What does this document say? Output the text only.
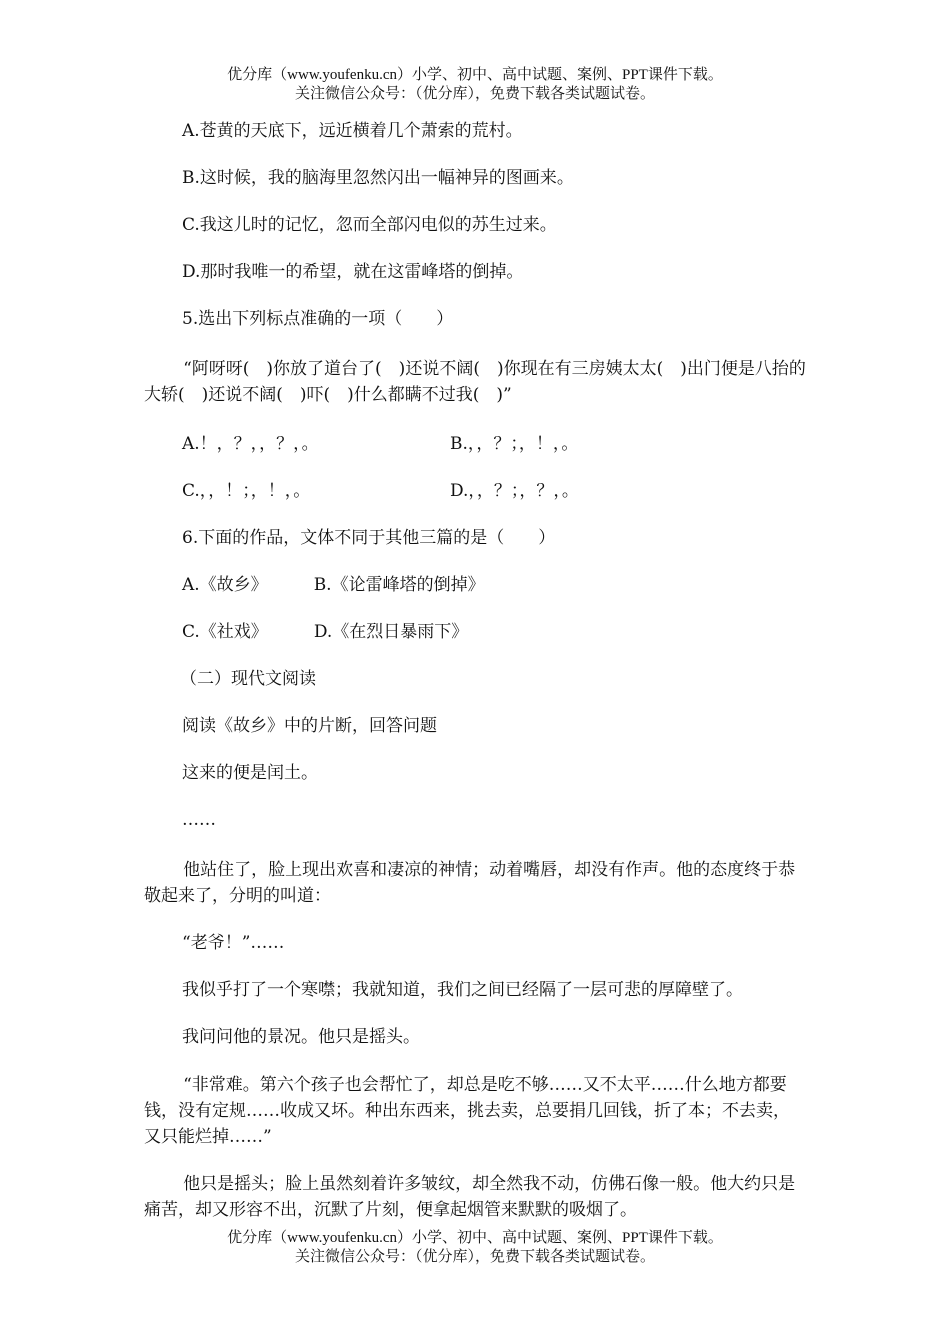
优分库（www.youfenku.cn）小学、初中、高中试题、案例、PPT课件下载。
关注微信公众号：（优分库），免费下载各类试题试卷。
A.苍黄的天底下，远近横着几个萧索的荒村。
B.这时候，我的脑海里忽然闪出一幅神异的图画来。
C.我这儿时的记忆，忽而全部闪电似的苏生过来。
D.那时我唯一的希望，就在这雷峰塔的倒掉。
5.选出下列标点准确的一项（　　）
“阿呀呀(　)你放了道台了(　)还说不阔(　)你现在有三房姨太太(　)出门便是八抬的大轿(　)还说不阔(　)吓(　)什么都瞒不过我(　)”
A.！，？，，？，。	B.，，？；，！，。
C.，，！；，！，。	D.，，？；，？，。
6.下面的作品，文体不同于其他三篇的是（　　）
A.《故乡》	B.《论雷峰塔的倒掉》
C.《社戏》	D.《在烈日暴雨下》
（二）现代文阅读
阅读《故乡》中的片断，回答问题
这来的便是闰土。
……
他站住了，脸上现出欢喜和凄凉的神情；动着嘴唇，却没有作声。他的态度终于恭敬起来了，分明的叫道：
“老爷！”……
我似乎打了一个寒噤；我就知道，我们之间已经隔了一层可悲的厚障壁了。
我问问他的景况。他只是摇头。
“非常难。第六个孩子也会帮忙了，却总是吃不够……又不太平……什么地方都要钱，没有定规……收成又坏。种出东西来，挑去卖，总要捐几回钱，折了本；不去卖，又只能烂掉……”
他只是摇头；脸上虽然刻着许多皱纹，却全然我不动，仿佛石像一般。他大约只是痛苦，却又形容不出，沉默了片刻，便拿起烟管来默默的吸烟了。
优分库（www.youfenku.cn）小学、初中、高中试题、案例、PPT课件下载。
关注微信公众号：（优分库），免费下载各类试题试卷。
